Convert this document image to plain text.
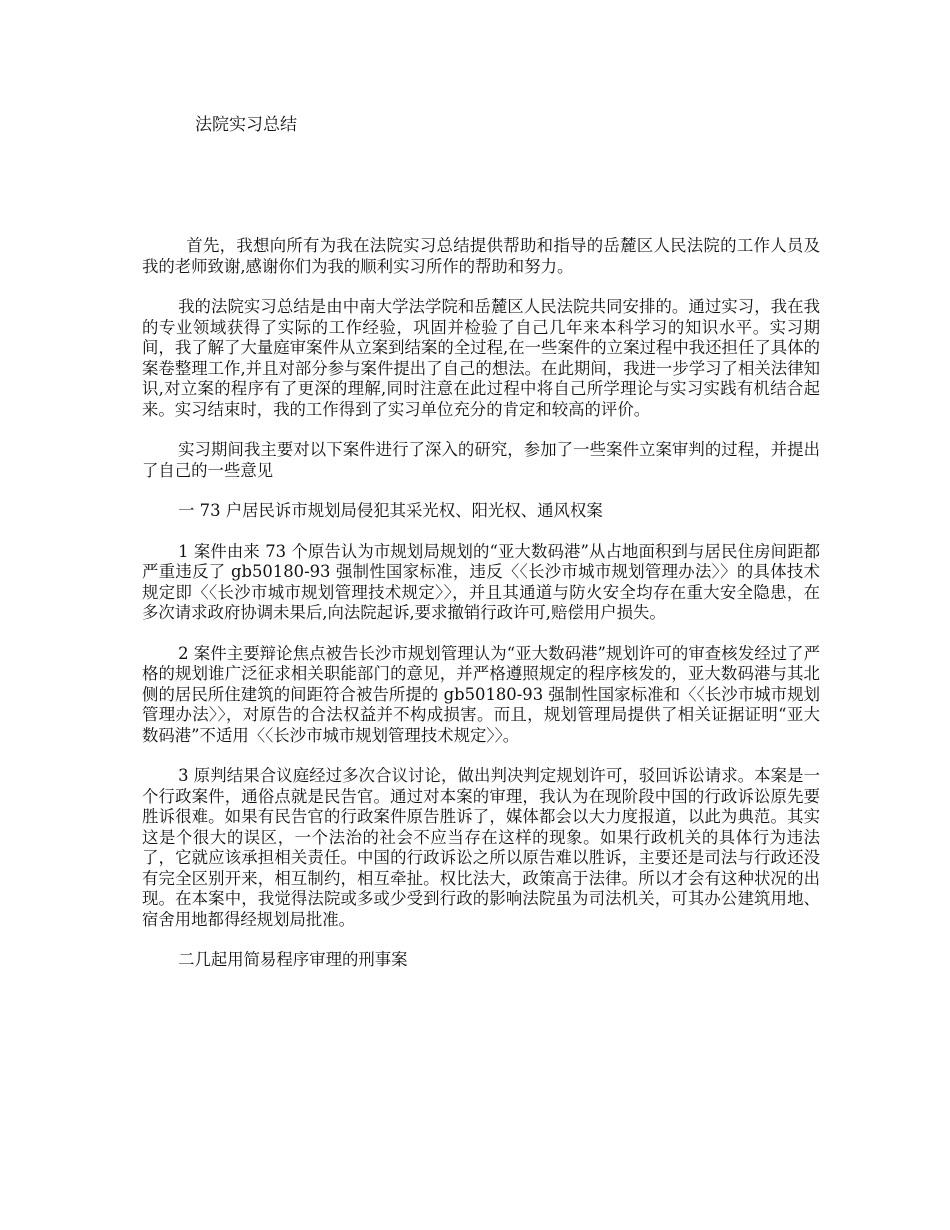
法院实习总结

首先，我想向所有为我在法院实习总结提供帮助和指导的岳麓区人民法院的工作人员及我的老师致谢,感谢你们为我的顺利实习所作的帮助和努力。

我的法院实习总结是由中南大学法学院和岳麓区人民法院共同安排的。通过实习，我在我的专业领域获得了实际的工作经验，巩固并检验了自己几年来本科学习的知识水平。实习期间，我了解了大量庭审案件从立案到结案的全过程,在一些案件的立案过程中我还担任了具体的案卷整理工作,并且对部分参与案件提出了自己的想法。在此期间，我进一步学习了相关法律知识,对立案的程序有了更深的理解,同时注意在此过程中将自己所学理论与实习实践有机结合起来。实习结束时，我的工作得到了实习单位充分的肯定和较高的评价。

实习期间我主要对以下案件进行了深入的研究，参加了一些案件立案审判的过程，并提出了自己的一些意见

一 73 户居民诉市规划局侵犯其采光权、阳光权、通风权案

1 案件由来 73 个原告认为市规划局规划的“亚大数码港”从占地面积到与居民住房间距都严重违反了 gb50180-93 强制性国家标准，违反〈〈长沙市城市规划管理办法〉〉的具体技术规定即〈〈长沙市城市规划管理技术规定〉〉，并且其通道与防火安全均存在重大安全隐患，在多次请求政府协调未果后,向法院起诉,要求撤销行政许可,赔偿用户损失。

2 案件主要辩论焦点被告长沙市规划管理认为“亚大数码港”规划许可的审查核发经过了严格的规划谁广泛征求相关职能部门的意见，并严格遵照规定的程序核发的，亚大数码港与其北侧的居民所住建筑的间距符合被告所提的 gb50180-93 强制性国家标准和〈〈长沙市城市规划管理办法〉〉，对原告的合法权益并不构成损害。而且，规划管理局提供了相关证据证明“亚大数码港”不适用〈〈长沙市城市规划管理技术规定〉〉。

3 原判结果合议庭经过多次合议讨论，做出判决判定规划许可，驳回诉讼请求。本案是一个行政案件，通俗点就是民告官。通过对本案的审理，我认为在现阶段中国的行政诉讼原先要胜诉很难。如果有民告官的行政案件原告胜诉了，媒体都会以大力度报道，以此为典范。其实这是个很大的误区，一个法治的社会不应当存在这样的现象。如果行政机关的具体行为违法了，它就应该承担相关责任。中国的行政诉讼之所以原告难以胜诉，主要还是司法与行政还没有完全区别开来，相互制约，相互牵扯。权比法大，政策高于法律。所以才会有这种状况的出现。在本案中，我觉得法院或多或少受到行政的影响法院虽为司法机关，可其办公建筑用地、宿舍用地都得经规划局批准。

二几起用简易程序审理的刑事案
